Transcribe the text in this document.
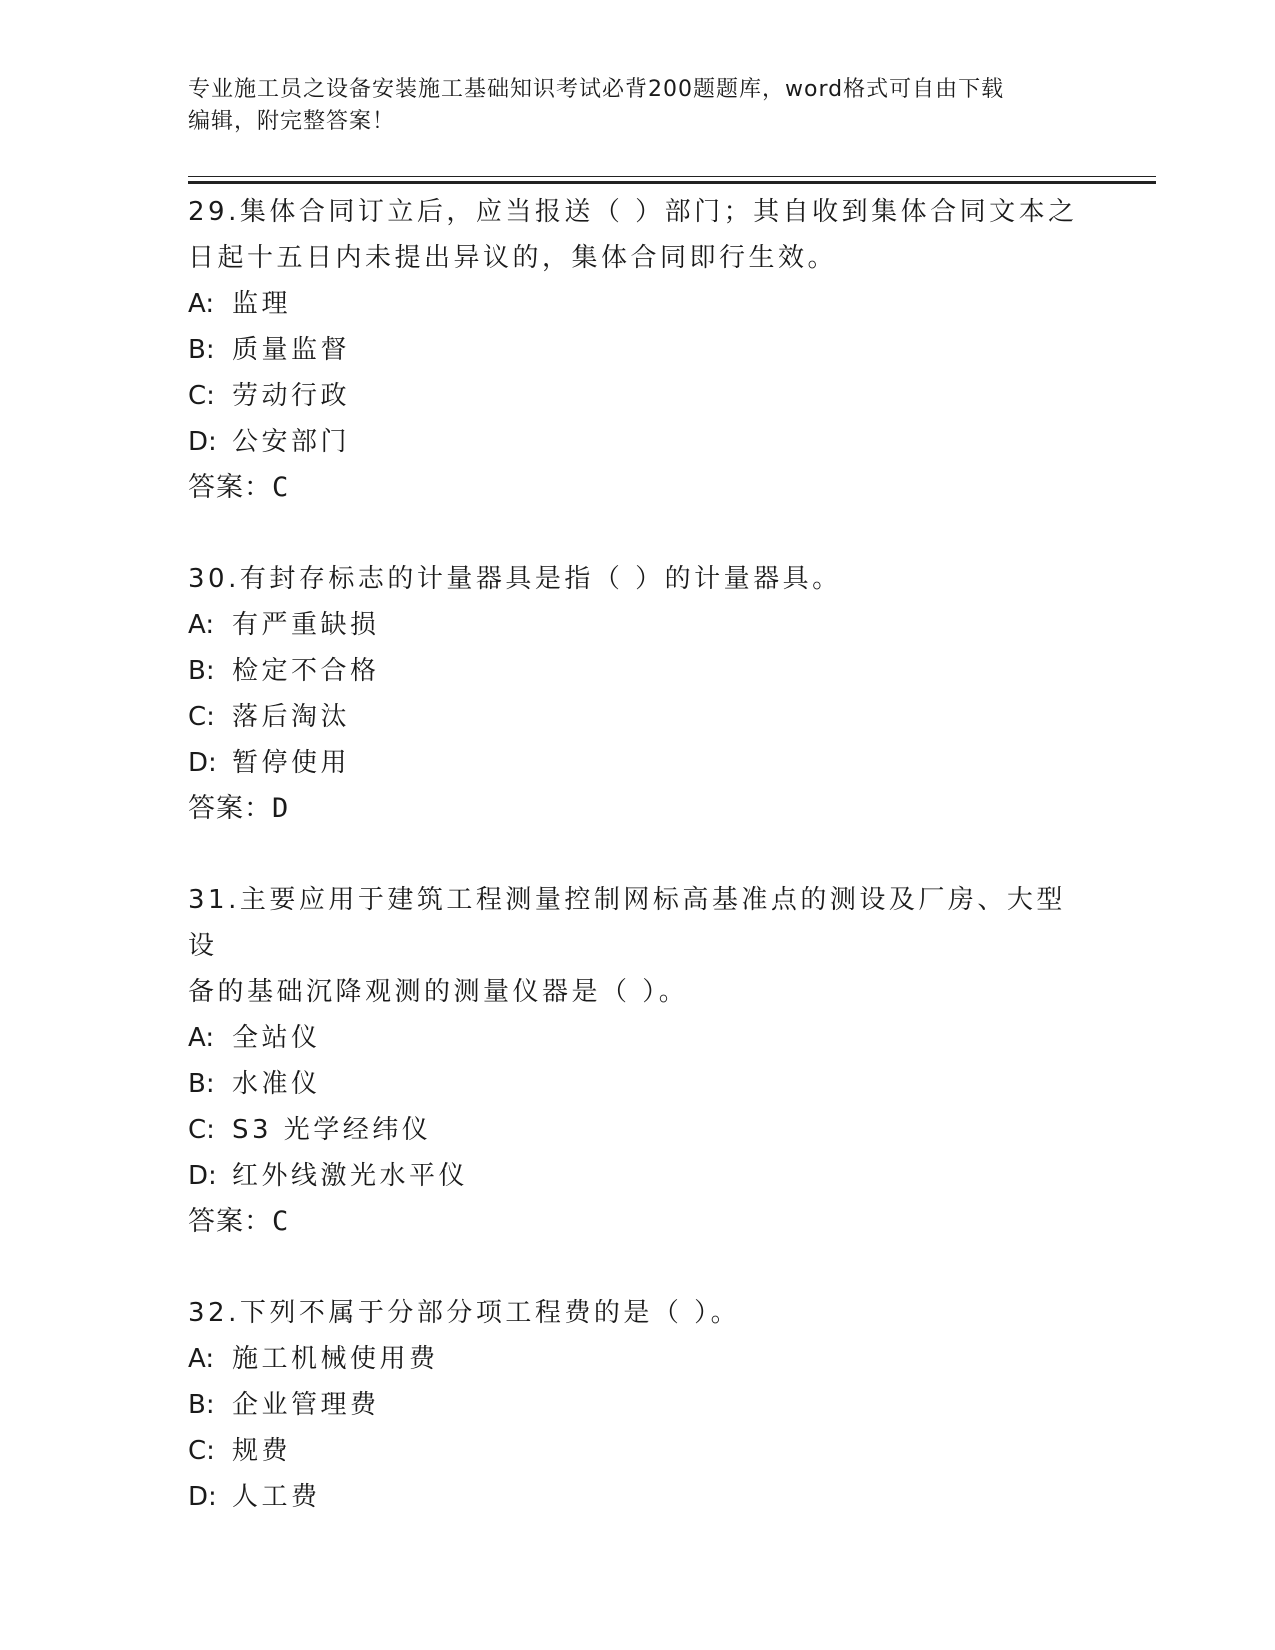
专业施工员之设备安装施工基础知识考试必背200题题库，word格式可自由下载
编辑，附完整答案！
29.集体合同订立后，应当报送（ ）部门；其自收到集体合同文本之
日起十五日内未提出异议的，集体合同即行生效。
A: 监理
B: 质量监督
C: 劳动行政
D: 公安部门
答案：C
30.有封存标志的计量器具是指（ ）的计量器具。
A: 有严重缺损
B: 检定不合格
C: 落后淘汰
D: 暂停使用
答案：D
31.主要应用于建筑工程测量控制网标高基准点的测设及厂房、大型设
备的基础沉降观测的测量仪器是（ ）。
A: 全站仪
B: 水准仪
C: S3 光学经纬仪
D: 红外线激光水平仪
答案：C
32.下列不属于分部分项工程费的是（ ）。
A: 施工机械使用费
B: 企业管理费
C: 规费
D: 人工费
